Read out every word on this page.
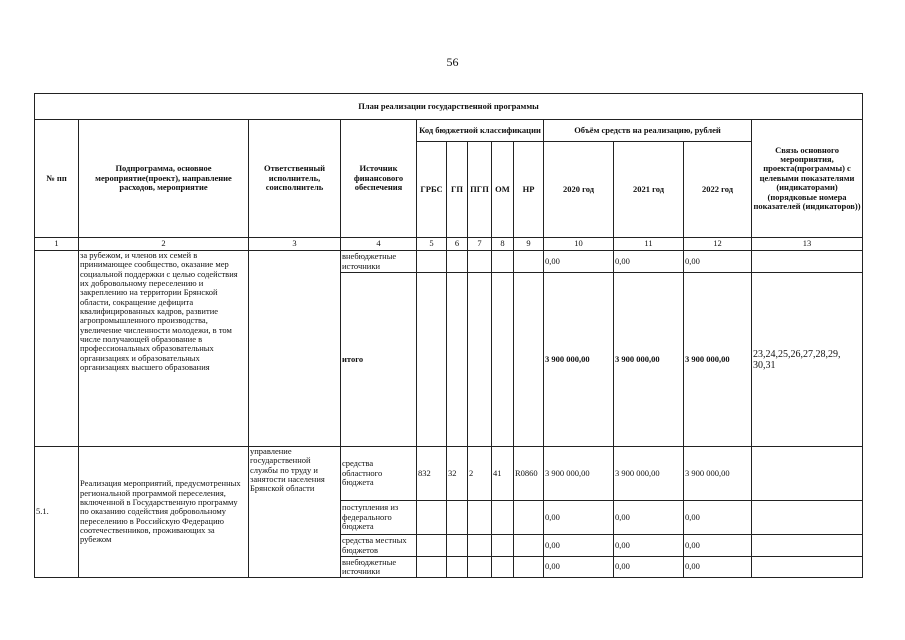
56
План реализации государственной программы												
№ пп	Подпрограмма, основное мероприятие(проект), направление расходов, мероприятие	Ответственный исполнитель, соисполнитель	Источник финансового обеспечения	Код бюджетной классификации					Объём средств на реализацию, рублей			Связь основного мероприятия, проекта(программы) с целевыми показателями (индикаторами) (порядковые номера показателей (индикаторов))
				ГРБС	ГП	ПГП	ОМ	НР	2020 год	2021 год	2022 год	
1	2	3	4	5	6	7	8	9	10	11	12	13
	за рубежом, и членов их семей в принимающее сообщество, оказание мер социальной поддержки с целью содействия их добровольному переселению и закреплению на территории Брянской области, сокращение дефицита квалифицированных кадров, развитие агропромышленного производства, увеличение численности молодежи, в том числе получающей образование в профессиональных образовательных организациях и образовательных организациях высшего образования		внебюджетные источники						0,00	0,00	0,00	
			итого						3 900 000,00	3 900 000,00	3 900 000,00	23,24,25,26,27,28,29, 30,31
5.1.	Реализация мероприятий, предусмотренных региональной программой переселения, включенной в Государственную программу по оказанию содействия добровольному переселению в Российскую Федерацию соотечественников, проживающих за рубежом	управление государственной службы по труду и занятости населения Брянской области	средства областного бюджета	832	32	2	41	R0860	3 900 000,00	3 900 000,00	3 900 000,00	
			поступления из федерального бюджета						0,00	0,00	0,00	
			средства местных бюджетов						0,00	0,00	0,00	
			внебюджетные источники						0,00	0,00	0,00	
